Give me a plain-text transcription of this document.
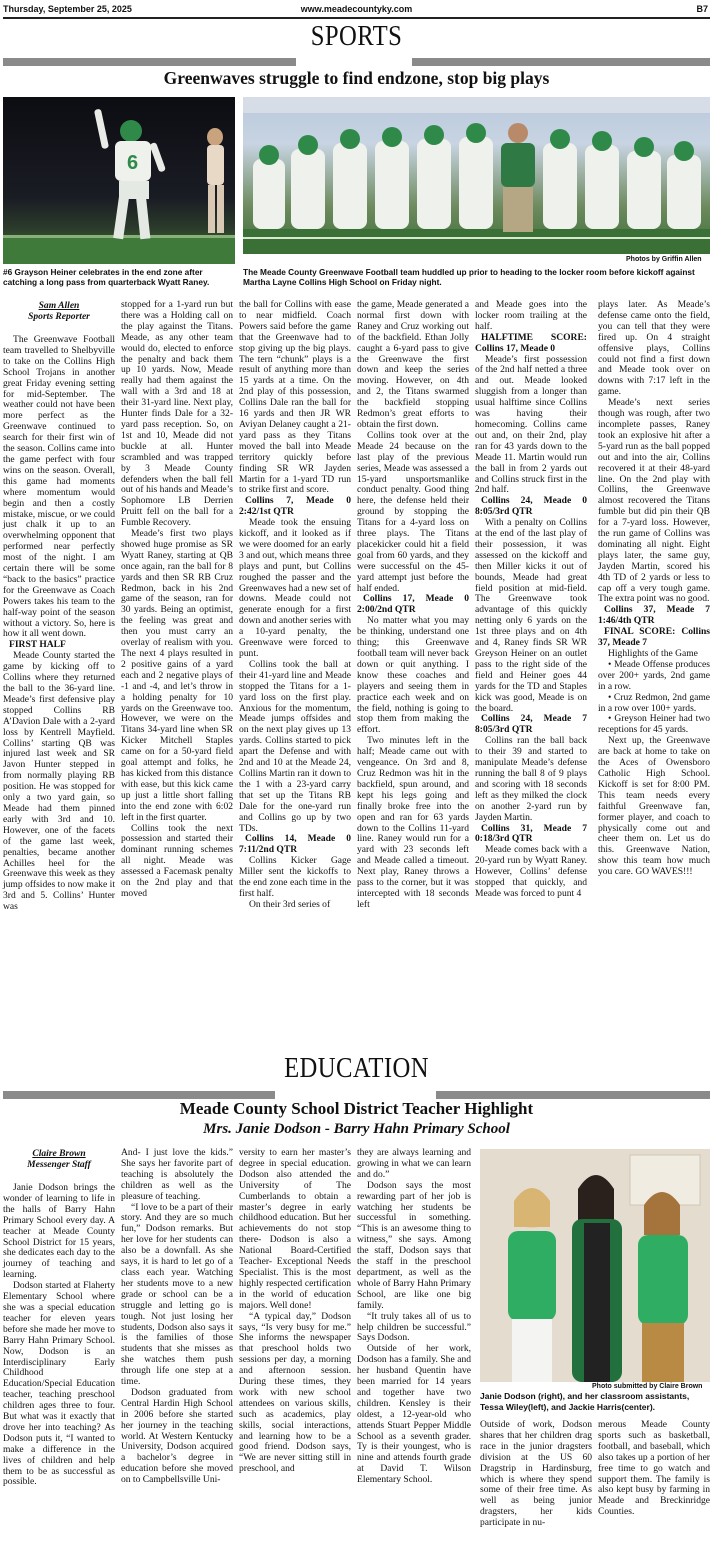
Thursday, September 25, 2025	www.meadecountyky.com	B7
SPORTS
Greenwaves struggle to find endzone, stop big plays
6
Photos by Griffin Allen
#6 Grayson Heiner celebrates in the end zone after catching a long pass from quarterback Wyatt Raney.
The Meade County Greenwave Football team huddled up prior to heading to the locker room before kickoff against Martha Layne Collins High School on Friday night.
Sam Allen
Sports Reporter

The Greenwave Football team travelled to Shelbyville to take on the Collins High School Trojans in another great Friday evening setting for mid-September. The weather could not have been more perfect as the Greenwave continued to search for their first win of the season. Collins came into the game perfect with four wins on the season. Overall, this game had moments where momentum would begin and then a costly mistake, miscue, or we could just chalk it up to an overwhelming opponent that performed near perfectly most of the night. I am certain there will be some “back to the basics” practice for the Greenwave as Coach Powers takes his team to the half-way point of the season without a victory. So, here is how it all went down.

FIRST HALF

Meade County started the game by kicking off to Collins where they returned the ball to the 36-yard line. Meade’s first defensive play stopped Collins RB A’Davion Dale with a 2-yard loss by Kentrell Mayfield. Collins’ starting QB was injured last week and SR Javon Hunter stepped in from normally playing RB position. He was stopped for only a two yard gain, so Meade had them pinned early with 3rd and 10. However, one of the facets of the game last week, penalties, became another Achilles heel for the Greenwave this week as they jump offsides to now make it 3rd and 5. Collins’ Hunter was

stopped for a 1-yard run but there was a Holding call on the play against the Titans. Meade, as any other team would do, elected to enforce the penalty and back them up 10 yards. Now, Meade really had them against the wall with a 3rd and 18 at their 31-yard line. Next play, Hunter finds Dale for a 32-yard pass reception. So, on 1st and 10, Meade did not buckle at all. Hunter scrambled and was trapped by 3 Meade County defenders when the ball fell out of his hands and Meade’s Sophomore LB Derrien Pruitt fell on the ball for a Fumble Recovery.

Meade’s first two plays showed huge promise as SR Wyatt Raney, starting at QB once again, ran the ball for 8 yards and then SR RB Cruz Redmon, back in his 2nd game of the season, ran for 30 yards. Being an optimist, the feeling was great and then you must carry an overlay of realism with you. The next 4 plays resulted in 2 positive gains of a yard each and 2 negative plays of -1 and -4, and let’s throw in a holding penalty for 10 yards on the Greenwave too. However, we were on the Titans 34-yard line when SR Kicker Mitchell Staples came on for a 50-yard field goal attempt and folks, he has kicked from this distance with ease, but this kick came up just a little short falling into the end zone with 6:02 left in the first quarter.

Collins took the next possession and started their dominant running schemes all night. Meade was assessed a Facemask penalty on the 2nd play and that moved

the ball for Collins with ease to near midfield. Coach Powers said before the game that the Greenwave had to stop giving up the big plays. The tern “chunk” plays is a result of anything more than 15 yards at a time. On the 2nd play of this possession, Collins Dale ran the ball for 16 yards and then JR WR Aviyan Delaney caught a 21-yard pass as they Titans moved the ball into Meade territory quickly before finding SR WR Jayden Martin for a 1-yard TD run to strike first and score.

Collins 7, Meade 0 2:42/1st QTR

Meade took the ensuing kickoff, and it looked as if we were doomed for an early 3 and out, which means three plays and punt, but Collins roughed the passer and the Greenwaves had a new set of downs. Meade could not generate enough for a first down and another series with a 10-yard penalty, the Greenwave were forced to punt.

Collins took the ball at their 41-yard line and Meade stopped the Titans for a 1-yard loss on the first play. Anxious for the momentum, Meade jumps offsides and on the next play gives up 13 yards. Collins started to pick apart the Defense and with 2nd and 10 at the Meade 24, Collins Martin ran it down to the 1 with a 23-yard carry that set up the Titans RB Dale for the one-yard run and Collins go up by two TDs.

Collins 14, Meade 0 7:11/2nd QTR

Collins Kicker Gage Miller sent the kickoffs to the end zone each time in the first half.

On their 3rd series of

the game, Meade generated a normal first down with Raney and Cruz working out of the backfield. Ethan Jolly caught a 6-yard pass to give the Greenwave the first down and keep the series moving. However, on 4th and 2, the Titans swarmed the backfield stopping Redmon’s great efforts to obtain the first down.

Collins took over at the Meade 24 because on the last play of the previous series, Meade was assessed a 15-yard unsportsmanlike conduct penalty. Good thing here, the defense held their ground by stopping the Titans for a 4-yard loss on three plays. The Titans placekicker could hit a field goal from 60 yards, and they were successful on the 45-yard attempt just before the half ended.

Collins 17, Meade 0 2:00/2nd QTR

No matter what you may be thinking, understand one thing; this Greenwave football team will never back down or quit anything. I know these coaches and players and seeing them in practice each week and on the field, nothing is going to stop them from making the effort.

Two minutes left in the half; Meade came out with vengeance. On 3rd and 8, Cruz Redmon was hit in the backfield, spun around, and kept his legs going and finally broke free into the open and ran for 63 yards down to the Collins 11-yard line. Raney would run for a yard with 23 seconds left and Meade called a timeout. Next play, Raney throws a pass to the corner, but it was intercepted with 18 seconds left

and Meade goes into the locker room trailing at the half.

HALFTIME SCORE: Collins 17, Meade 0

Meade’s first possession of the 2nd half netted a three and out. Meade looked sluggish from a longer than usual halftime since Collins was having their homecoming. Collins came out and, on their 2nd, play ran for 43 yards down to the Meade 11. Martin would run the ball in from 2 yards out and Collins struck first in the 2nd half.

Collins 24, Meade 0 8:05/3rd QTR

With a penalty on Collins at the end of the last play of their possession, it was assessed on the kickoff and then Miller kicks it out of bounds, Meade had great field position at mid-field. The Greenwave took advantage of this quickly netting only 6 yards on the 1st three plays and on 4th and 4, Raney finds SR WR Greyson Heiner on an outlet pass to the right side of the field and Heiner goes 44 yards for the TD and Staples kick was good, Meade is on the board.

Collins 24, Meade 7 8:05/3rd QTR

Collins ran the ball back to their 39 and started to manipulate Meade’s defense running the ball 8 of 9 plays and scoring with 18 seconds left as they milked the clock on another 2-yard run by Jayden Martin.

Collins 31, Meade 7 0:18/3rd QTR

Meade comes back with a 20-yard run by Wyatt Raney. However, Collins’ defense stopped that quickly, and Meade was forced to punt 4

plays later. As Meade’s defense came onto the field, you can tell that they were fired up. On 4 straight offensive plays, Collins could not find a first down and Meade took over on downs with 7:17 left in the game.

Meade’s next series though was rough, after two incomplete passes, Raney took an explosive hit after a 5-yard run as the ball popped out and into the air, Collins recovered it at their 48-yard line. On the 2nd play with Collins, the Greenwave almost recovered the Titans fumble but did pin their QB for a 7-yard loss. However, the run game of Collins was dominating all night. Eight plays later, the same guy, Jayden Martin, scored his 4th TD of 2 yards or less to cap off a very tough game. The extra point was no good.

Collins 37, Meade 7 1:46/4th QTR

FINAL SCORE: Collins 37, Meade 7

Highlights of the Game

• Meade Offense produces over 200+ yards, 2nd game in a row.

• Cruz Redmon, 2nd game in a row over 100+ yards.

• Greyson Heiner had two receptions for 45 yards.

Next up, the Greenwave are back at home to take on the Aces of Owensboro Catholic High School. Kickoff is set for 8:00 PM. This team needs every faithful Greenwave fan, former player, and coach to physically come out and cheer them on. Let us do this. Greenwave Nation, show this team how much you care. GO WAVES!!!

EDUCATION
Meade County School District Teacher Highlight
Mrs. Janie Dodson - Barry Hahn Primary School
Photo submitted by Claire Brown
Janie Dodson (right), and her classroom assistants, Tessa Wiley(left), and Jackie Harris(center).
Claire Brown
Messenger Staff

Janie Dodson brings the wonder of learning to life in the halls of Barry Hahn Primary School every day. A teacher at Meade County School District for 15 years, she dedicates each day to the journey of teaching and learning.

Dodson started at Flaherty Elementary School where she was a special education teacher for eleven years before she made her move to Barry Hahn Primary School. Now, Dodson is an Interdisciplinary Early Childhood Education/Special Education teacher, teaching preschool children ages three to four. But what was it exactly that drove her into teaching? As Dodson puts it, “I wanted to make a difference in the lives of children and help them to be as successful as possible.

And- I just love the kids.” She says her favorite part of teaching is absolutely the children as well as the pleasure of teaching.

“I love to be a part of their story. And they are so much fun,” Dodson remarks. But her love for her students can also be a downfall. As she says, it is hard to let go of a class each year. Watching her students move to a new grade or school can be a struggle and letting go is tough. Not just losing her students, Dodson also says it is the families of those students that she misses as she watches them push through life one step at a time.

Dodson graduated from Central Hardin High School in 2006 before she started her journey in the teaching world. At Western Kentucky University, Dodson acquired a bachelor’s degree in education before she moved on to Campbellsville Uni-

versity to earn her master’s degree in special education. Dodson also attended the University of The Cumberlands to obtain a master’s degree in early childhood education. But her achievements do not stop there- Dodson is also a National Board-Certified Teacher- Exceptional Needs Specialist. This is the most highly respected certification in the world of education majors. Well done!

“A typical day,” Dodson says, “Is very busy for me.” She informs the newspaper that preschool holds two sessions per day, a morning and afternoon session. During these times, they work with new school attendees on various skills, such as academics, play skills, social interactions, and learning how to be a good friend. Dodson says, “We are never sitting still in preschool, and

they are always learning and growing in what we can learn and do.”

Dodson says the most rewarding part of her job is watching her students be successful in something. “This is an awesome thing to witness,” she says. Among the staff, Dodson says that the staff in the preschool department, as well as the whole of Barry Hahn Primary School, are like one big family.

“It truly takes all of us to help children be successful.” Says Dodson.

Outside of her work, Dodson has a family. She and her husband Quentin have been married for 14 years and together have two children. Kensley is their oldest, a 12-year-old who attends Stuart Pepper Middle School as a seventh grader. Ty is their youngest, who is nine and attends fourth grade at David T. Wilson Elementary School.

Outside of work, Dodson shares that her children drag race in the junior dragsters division at the US 60 Dragstrip in Hardinsburg, which is where they spend some of their free time. As well as being junior dragsters, her kids participate in nu-

merous Meade County sports such as basketball, football, and baseball, which also takes up a portion of her free time to go watch and support them. The family is also kept busy by farming in Meade and Breckinridge Counties.
